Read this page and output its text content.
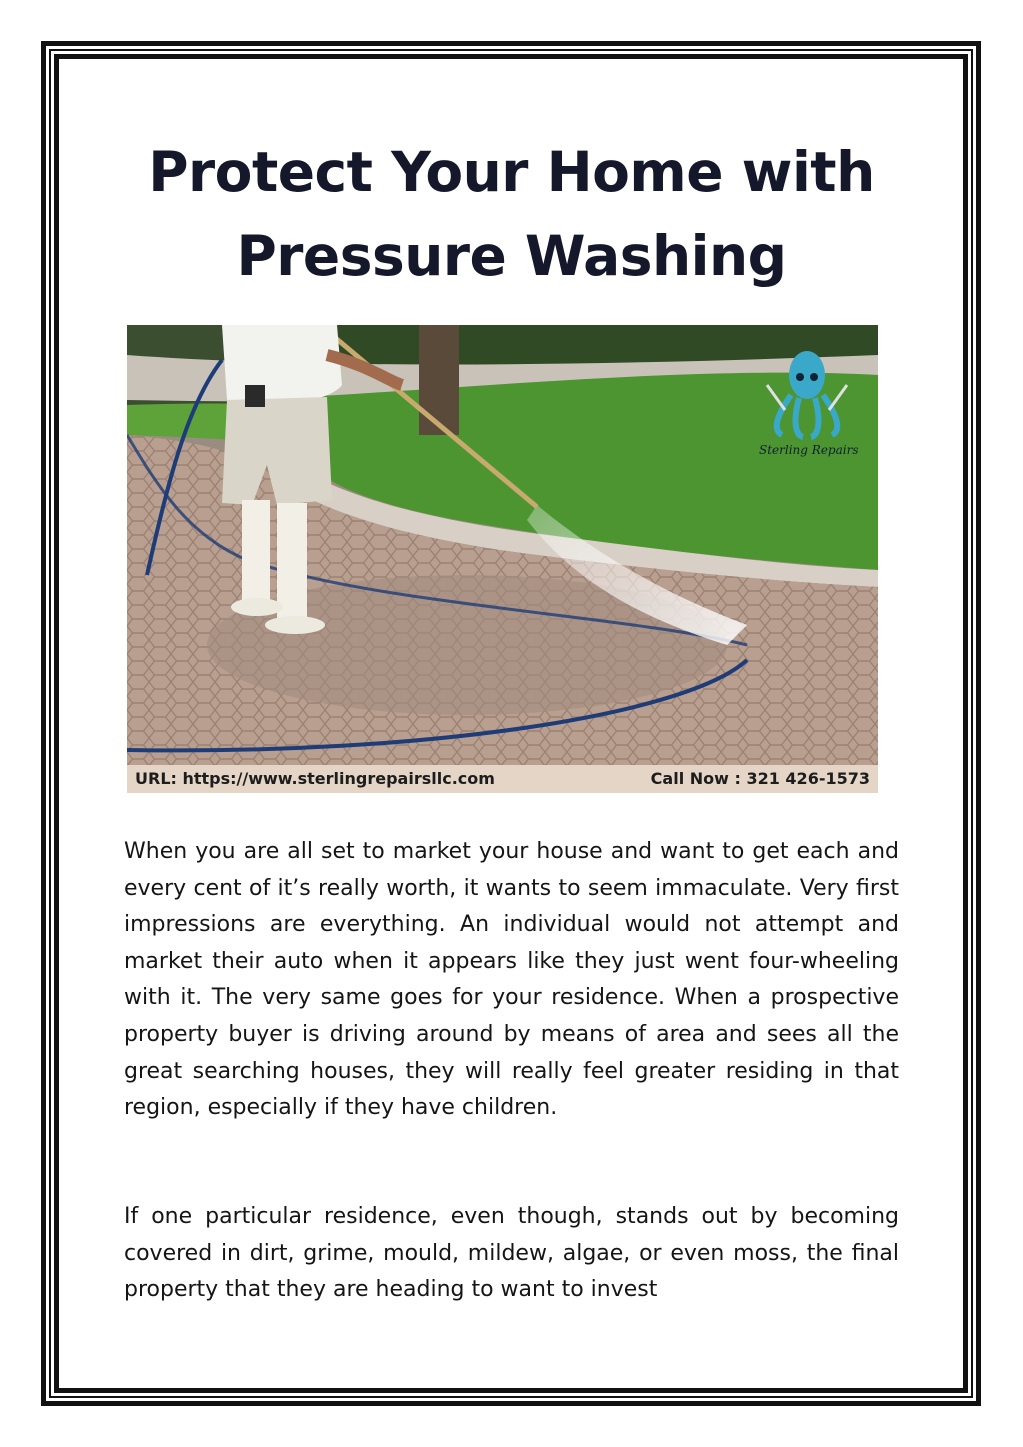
Protect Your Home with Pressure Washing
Sterling Repairs
URL: https://www.sterlingrepairsllc.com	Call Now : 321 426-1573

When you are all set to market your house and want to get each and every cent of it’s really worth, it wants to seem immaculate. Very first impressions are everything. An individual would not attempt and market their auto when it appears like they just went four-wheeling with it. The very same goes for your residence. When a prospective property buyer is driving around by means of area and sees all the great searching houses, they will really feel greater residing in that region, especially if they have children.

If one particular residence, even though, stands out by becoming covered in dirt, grime, mould, mildew, algae, or even moss, the final property that they are heading to want to invest
